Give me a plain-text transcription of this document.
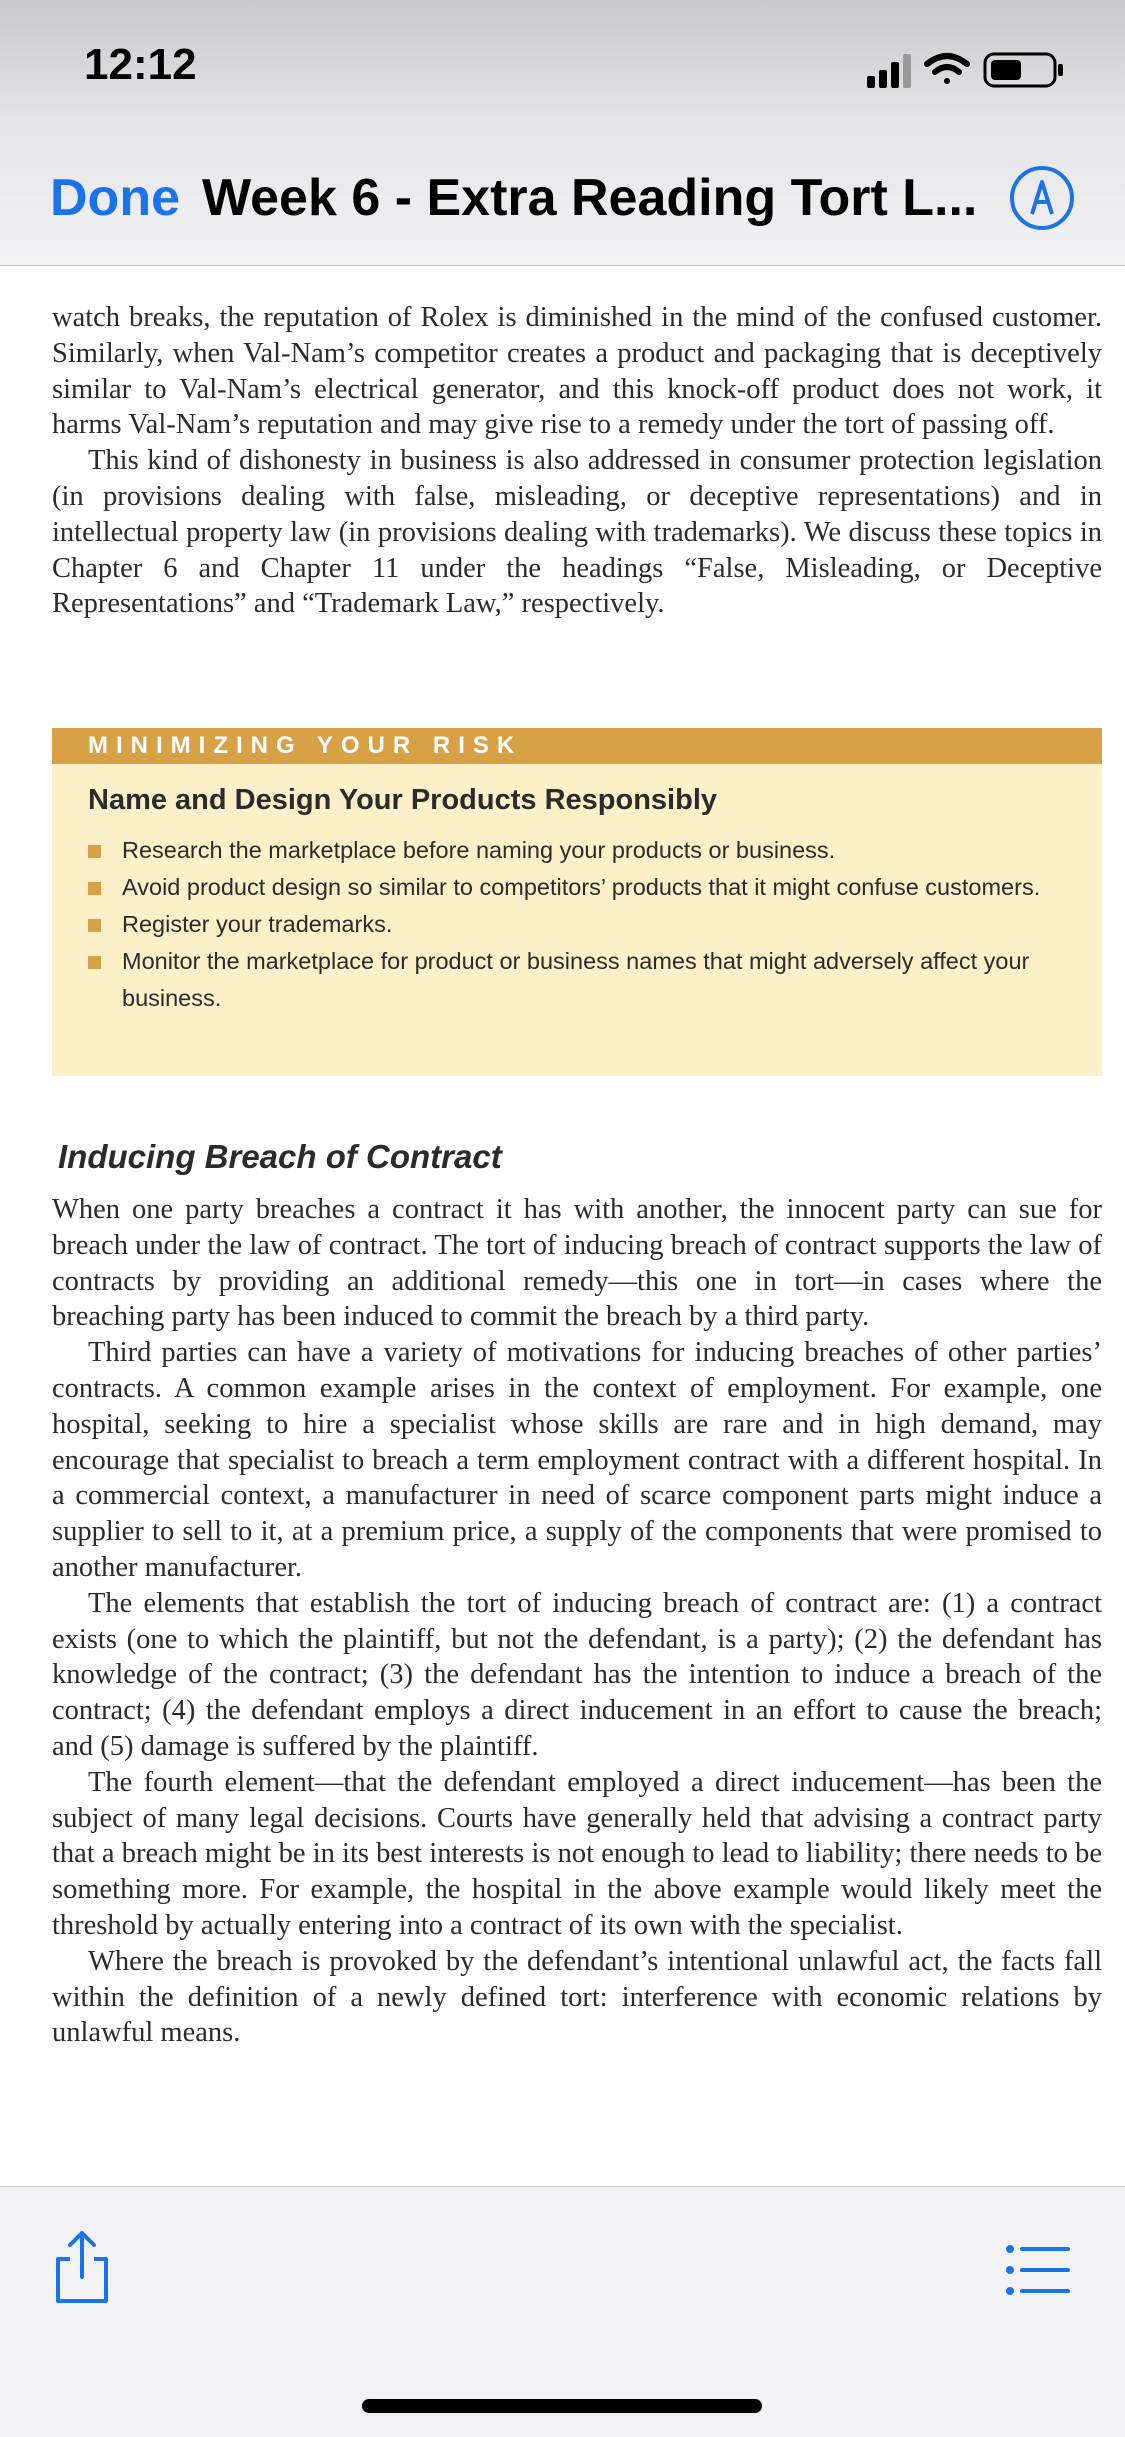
12:12
Done Week 6 - Extra Reading Tort L...

watch breaks, the reputation of Rolex is diminished in the mind of the confused customer. Similarly, when Val-Nam’s competitor creates a product and packaging that is deceptively similar to Val-Nam’s electrical generator, and this knock-off product does not work, it harms Val-Nam’s reputation and may give rise to a remedy under the tort of passing off.

This kind of dishonesty in business is also addressed in consumer protection legislation (in provisions dealing with false, misleading, or deceptive representations) and in intellectual property law (in provisions dealing with trademarks). We discuss these topics in Chapter 6 and Chapter 11 under the headings “False, Misleading, or Deceptive Representations” and “Trademark Law,” respectively.

MINIMIZING YOUR RISK
Name and Design Your Products Responsibly
Research the marketplace before naming your products or business.
Avoid product design so similar to competitors’ products that it might confuse customers.
Register your trademarks.
Monitor the marketplace for product or business names that might adversely affect your business.
Inducing Breach of Contract

When one party breaches a contract it has with another, the innocent party can sue for breach under the law of contract. The tort of inducing breach of contract supports the law of contracts by providing an additional remedy—this one in tort—in cases where the breaching party has been induced to commit the breach by a third party.

Third parties can have a variety of motivations for inducing breaches of other parties’ contracts. A common example arises in the context of employment. For example, one hospital, seeking to hire a specialist whose skills are rare and in high demand, may encourage that specialist to breach a term employment contract with a different hospital. In a commercial context, a manufacturer in need of scarce component parts might induce a supplier to sell to it, at a premium price, a supply of the components that were promised to another manufacturer.

The elements that establish the tort of inducing breach of contract are: (1) a contract exists (one to which the plaintiff, but not the defendant, is a party); (2) the defendant has knowledge of the contract; (3) the defendant has the intention to induce a breach of the contract; (4) the defendant employs a direct inducement in an effort to cause the breach; and (5) damage is suffered by the plaintiff.

The fourth element—that the defendant employed a direct inducement—has been the subject of many legal decisions. Courts have generally held that advising a contract party that a breach might be in its best interests is not enough to lead to liability; there needs to be something more. For example, the hospital in the above example would likely meet the threshold by actually entering into a contract of its own with the specialist.

Where the breach is provoked by the defendant’s intentional unlawful act, the facts fall within the definition of a newly defined tort: interference with economic relations by unlawful means.
